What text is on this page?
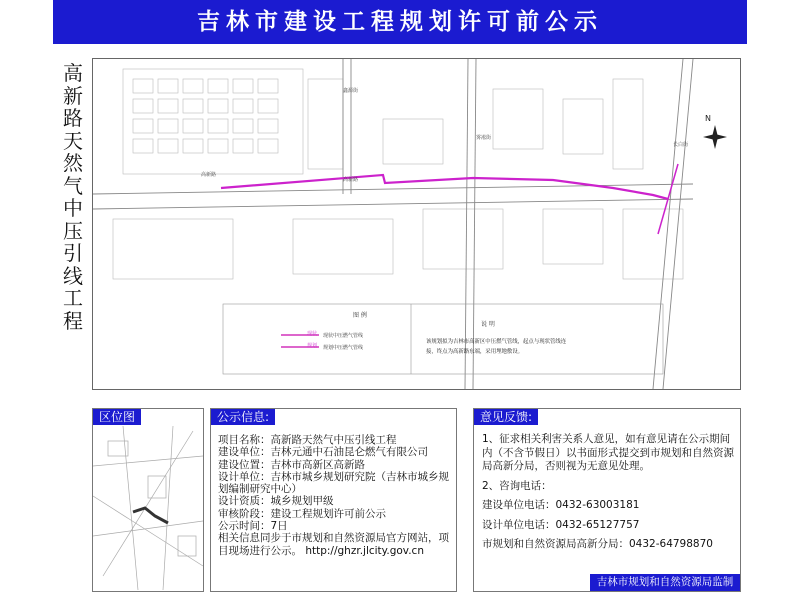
吉林市建设工程规划许可前公示
高
新
路
天
然
气
中
压
引
线
工
程
鑫源街
高新路
高新路
雾凇街
长白街
N
图 例
现状 现状中压燃气管线
规划 规划中压燃气管线
说 明
该规划拟为吉林市高新区中压燃气管线，起点与现状管线连接，终点为高新路东端，采用埋地敷设。
区位图	公示信息:
项目名称：高新路天然气中压引线工程
建设单位：吉林元通中石油昆仑燃气有限公司
建设位置：吉林市高新区高新路
设计单位：吉林市城乡规划研究院（吉林市城乡规划编制研究中心）
设计资质：城乡规划甲级
审核阶段：建设工程规划许可前公示
公示时间：7日
相关信息同步于市规划和自然资源局官方网站，项目现场进行公示。 http://ghzr.jlcity.gov.cn
意见反馈:
1、征求相关利害关系人意见，如有意见请在公示期间内（不含节假日）以书面形式提交到市规划和自然资源局高新分局，否则视为无意见处理。
2、咨询电话：
建设单位电话：0432-63003181
设计单位电话：0432-65127757
市规划和自然资源局高新分局：0432-64798870
吉林市规划和自然资源局监制
